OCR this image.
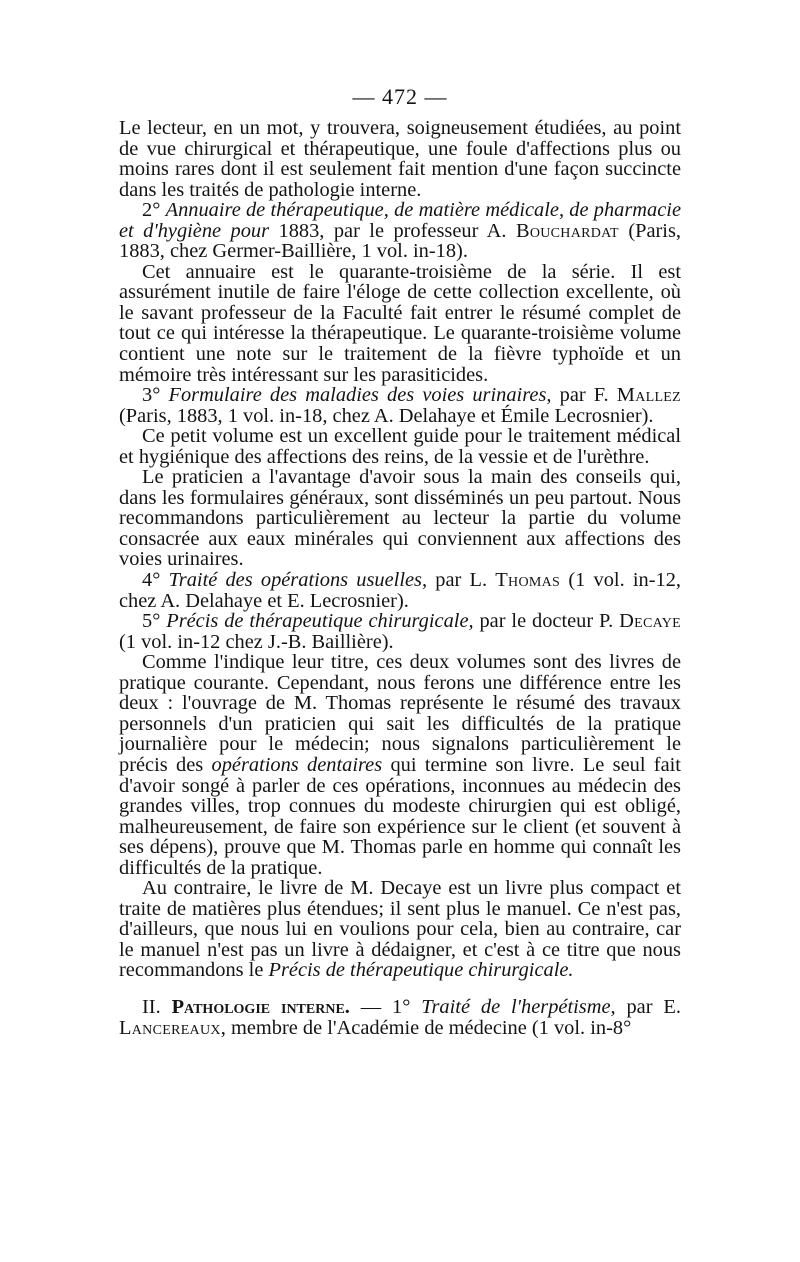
— 472 —

Le lecteur, en un mot, y trouvera, soigneusement étudiées, au point de vue chirurgical et thérapeutique, une foule d'affections plus ou moins rares dont il est seulement fait mention d'une façon succincte dans les traités de pathologie interne.

2° Annuaire de thérapeutique, de matière médicale, de pharmacie et d'hygiène pour 1883, par le professeur A. Bouchardat (Paris, 1883, chez Germer-Baillière, 1 vol. in-18).

Cet annuaire est le quarante-troisième de la série. Il est assurément inutile de faire l'éloge de cette collection excellente, où le savant professeur de la Faculté fait entrer le résumé complet de tout ce qui intéresse la thérapeutique. Le quarante-troisième volume contient une note sur le traitement de la fièvre typhoïde et un mémoire très intéressant sur les parasiticides.

3° Formulaire des maladies des voies urinaires, par F. Mallez (Paris, 1883, 1 vol. in-18, chez A. Delahaye et Émile Lecrosnier).

Ce petit volume est un excellent guide pour le traitement médical et hygiénique des affections des reins, de la vessie et de l'urèthre.

Le praticien a l'avantage d'avoir sous la main des conseils qui, dans les formulaires généraux, sont disséminés un peu partout. Nous recommandons particulièrement au lecteur la partie du volume consacrée aux eaux minérales qui conviennent aux affections des voies urinaires.

4° Traité des opérations usuelles, par L. Thomas (1 vol. in-12, chez A. Delahaye et E. Lecrosnier).

5° Précis de thérapeutique chirurgicale, par le docteur P. Decaye (1 vol. in-12 chez J.-B. Baillière).

Comme l'indique leur titre, ces deux volumes sont des livres de pratique courante. Cependant, nous ferons une différence entre les deux : l'ouvrage de M. Thomas représente le résumé des travaux personnels d'un praticien qui sait les difficultés de la pratique journalière pour le médecin; nous signalons particulièrement le précis des opérations dentaires qui termine son livre. Le seul fait d'avoir songé à parler de ces opérations, inconnues au médecin des grandes villes, trop connues du modeste chirurgien qui est obligé, malheureusement, de faire son expérience sur le client (et souvent à ses dépens), prouve que M. Thomas parle en homme qui connaît les difficultés de la pratique.

Au contraire, le livre de M. Decaye est un livre plus compact et traite de matières plus étendues; il sent plus le manuel. Ce n'est pas, d'ailleurs, que nous lui en voulions pour cela, bien au contraire, car le manuel n'est pas un livre à dédaigner, et c'est à ce titre que nous recommandons le Précis de thérapeutique chirurgicale.

II. Pathologie interne. — 1° Traité de l'herpétisme, par E. Lancereaux, membre de l'Académie de médecine (1 vol. in-8°
